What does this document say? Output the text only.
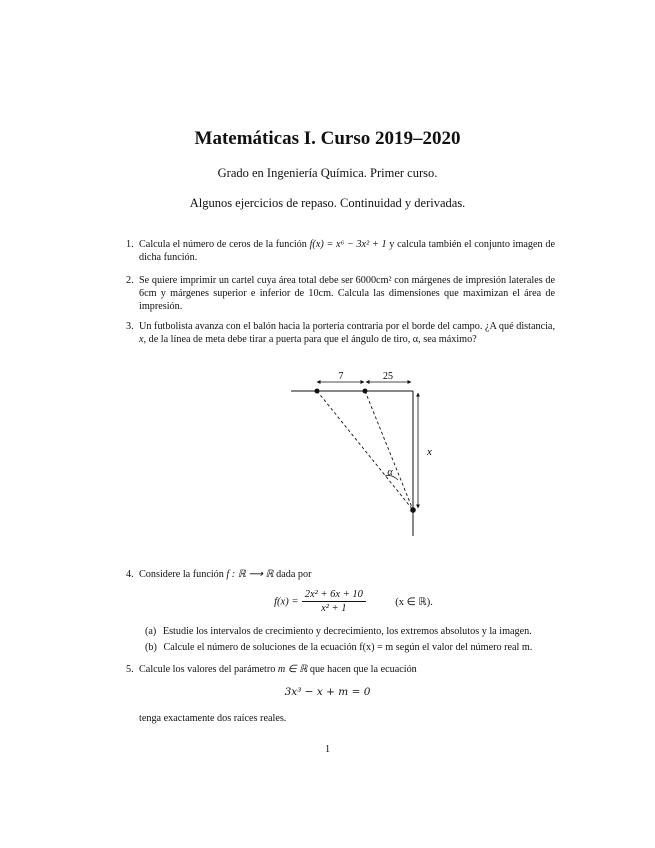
Matemáticas I. Curso 2019–2020
Grado en Ingeniería Química. Primer curso.
Algunos ejercicios de repaso. Continuidad y derivadas.
1. Calcula el número de ceros de la función f(x) = x⁶ − 3x² + 1 y calcula también el conjunto imagen de dicha función.
2. Se quiere imprimir un cartel cuya área total debe ser 6000cm² con márgenes de impresión laterales de 6cm y márgenes superior e inferior de 10cm. Calcula las dimensiones que maximizan el área de impresión.
3. Un futbolista avanza con el balón hacia la portería contraria por el borde del campo. ¿A qué distancia, x, de la línea de meta debe tirar a puerta para que el ángulo de tiro, α, sea máximo?
7	25
x
α
4. Considere la función f : ℝ ⟶ ℝ dada por
$f(x) = \frac{\text{2x² + 6x + 10}}{\text{x² + 1}}$	(x ∈ ℝ).
(a) Estudie los intervalos de crecimiento y decrecimiento, los extremos absolutos y la imagen.
(b) Calcule el número de soluciones de la ecuación f(x) = m según el valor del número real m.
5. Calcule los valores del parámetro m ∈ ℝ que hacen que la ecuación
3x³ − x + m = 0
tenga exactamente dos raíces reales.
1
